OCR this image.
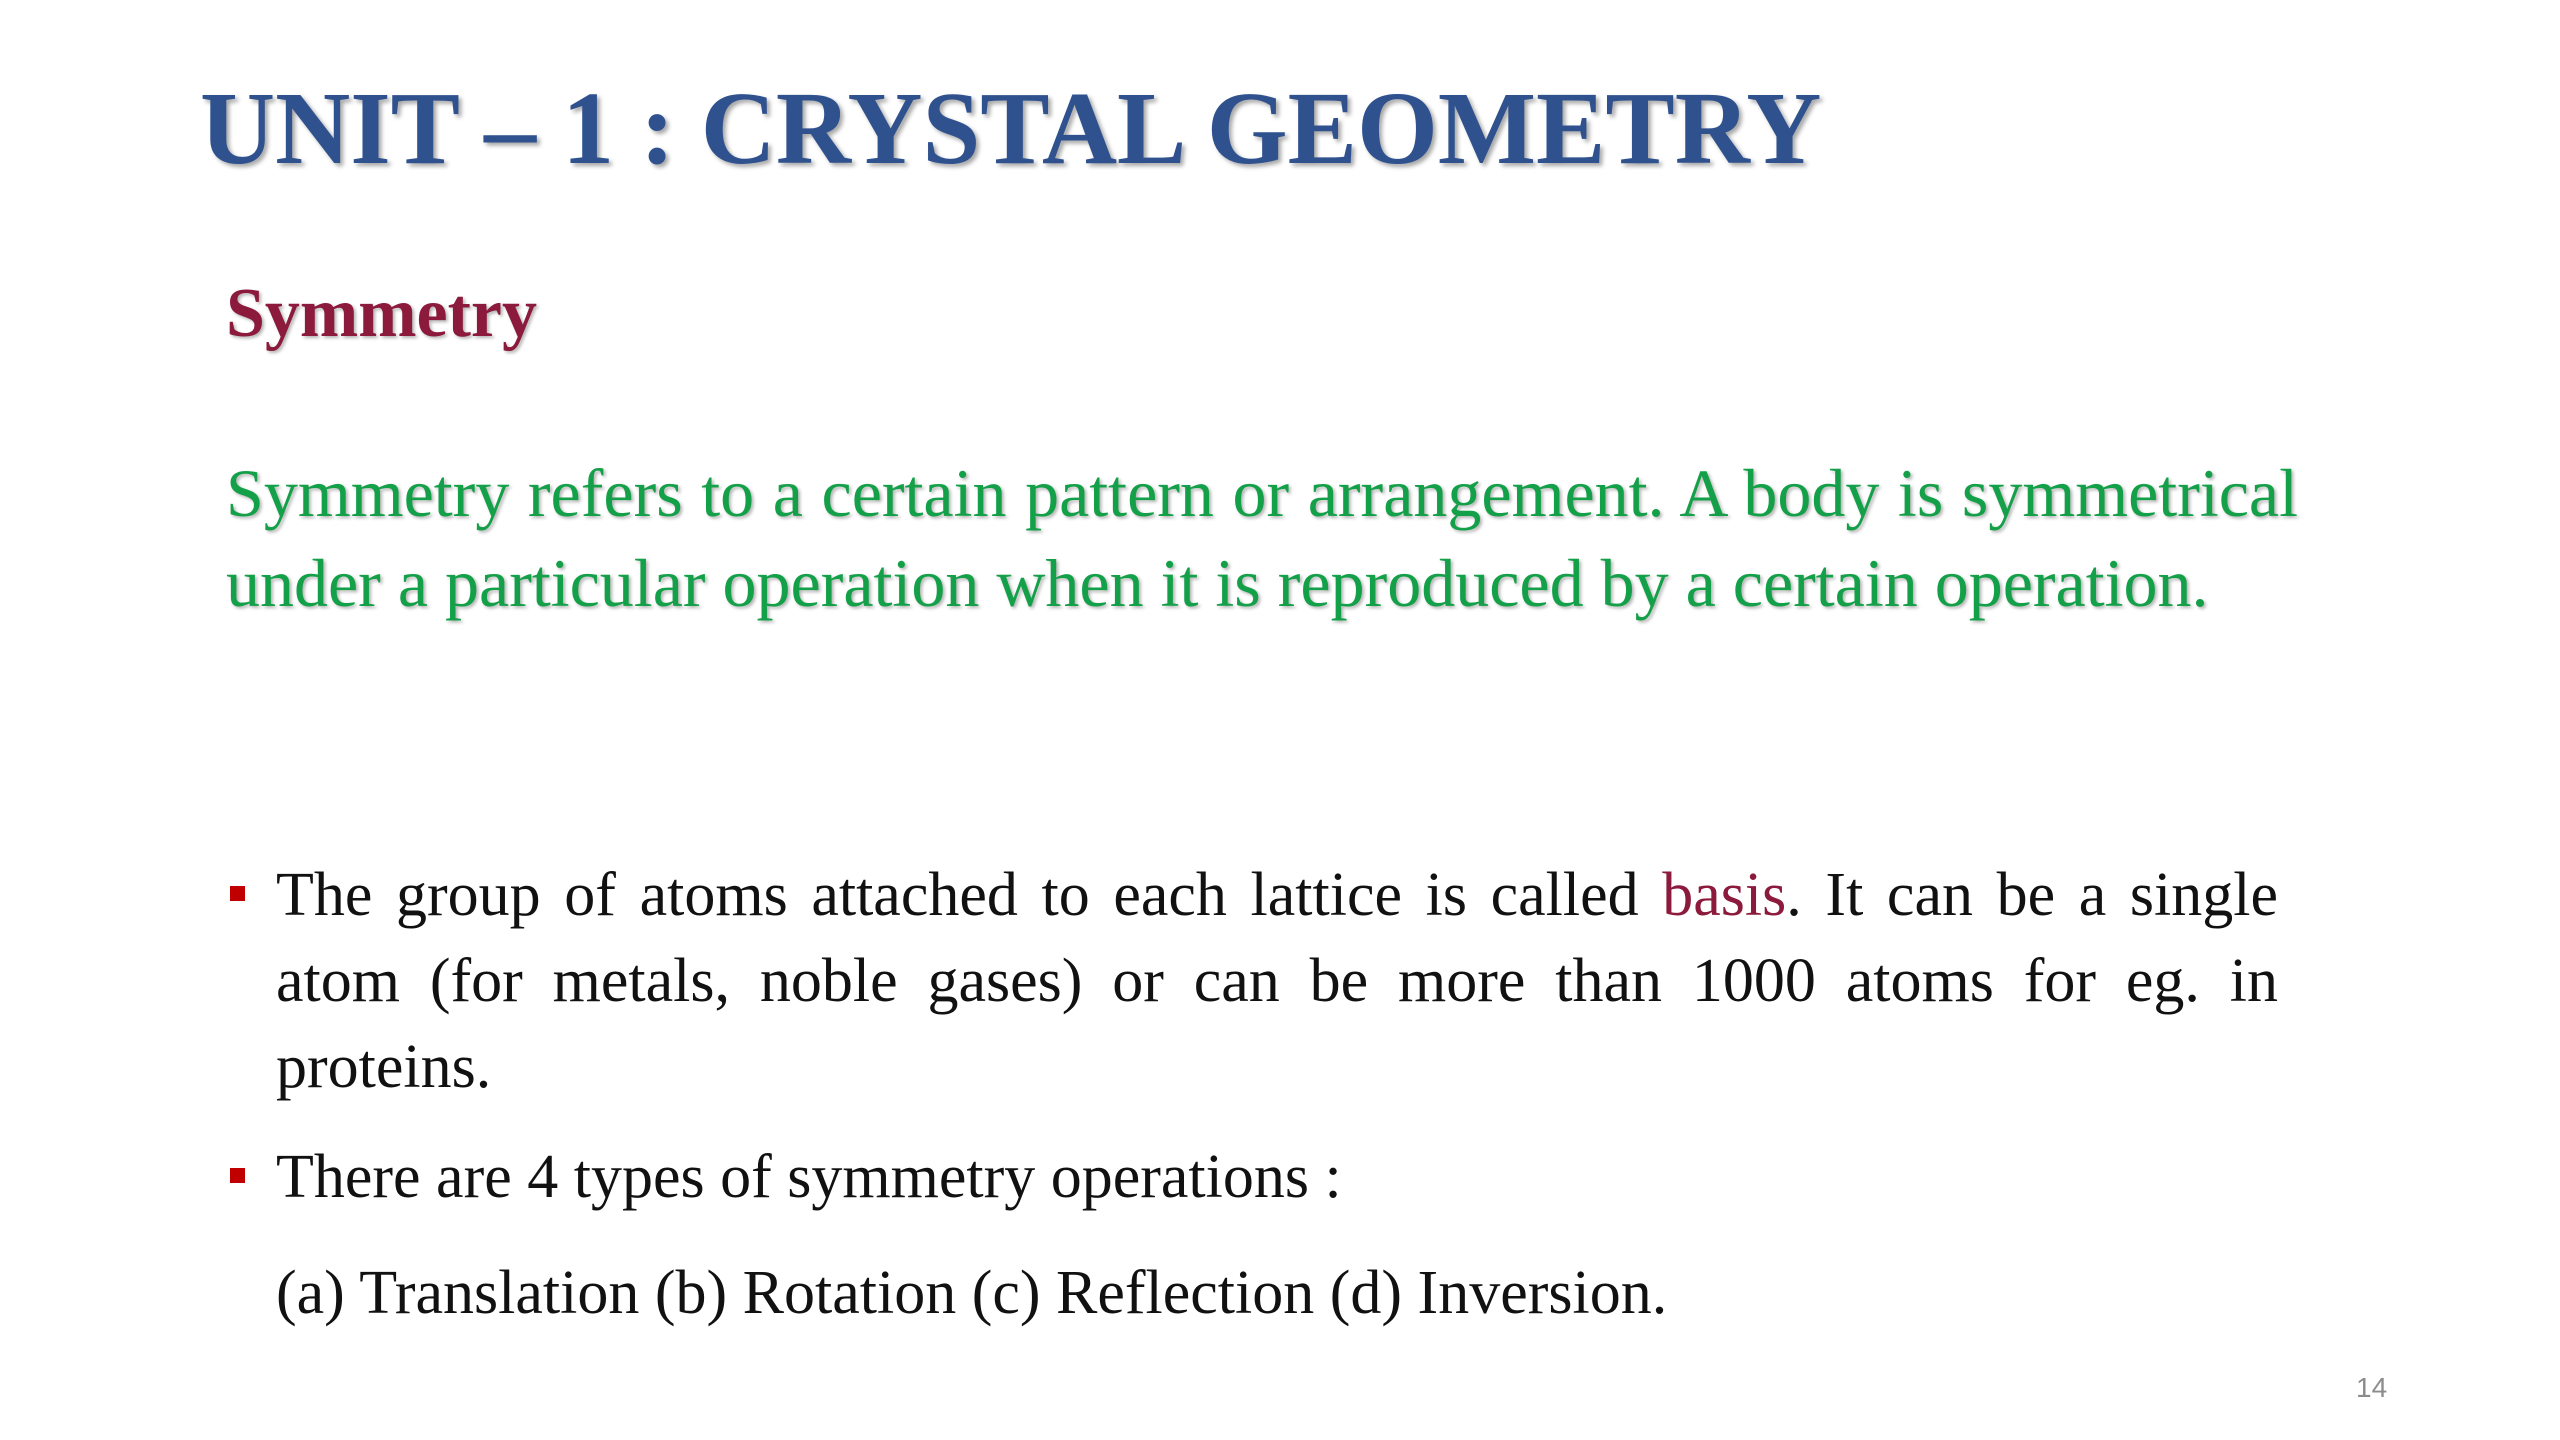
UNIT – 1 : CRYSTAL GEOMETRY
Symmetry

Symmetry refers to a certain pattern or arrangement. A body is symmetrical under a particular operation when it is reproduced by a certain operation.

The group of atoms attached to each lattice is called basis. It can be a single atom (for metals, noble gases) or can be more than 1000 atoms for eg. in proteins.
There are 4 types of symmetry operations :

(a) Translation (b) Rotation (c) Reflection (d) Inversion.

14
